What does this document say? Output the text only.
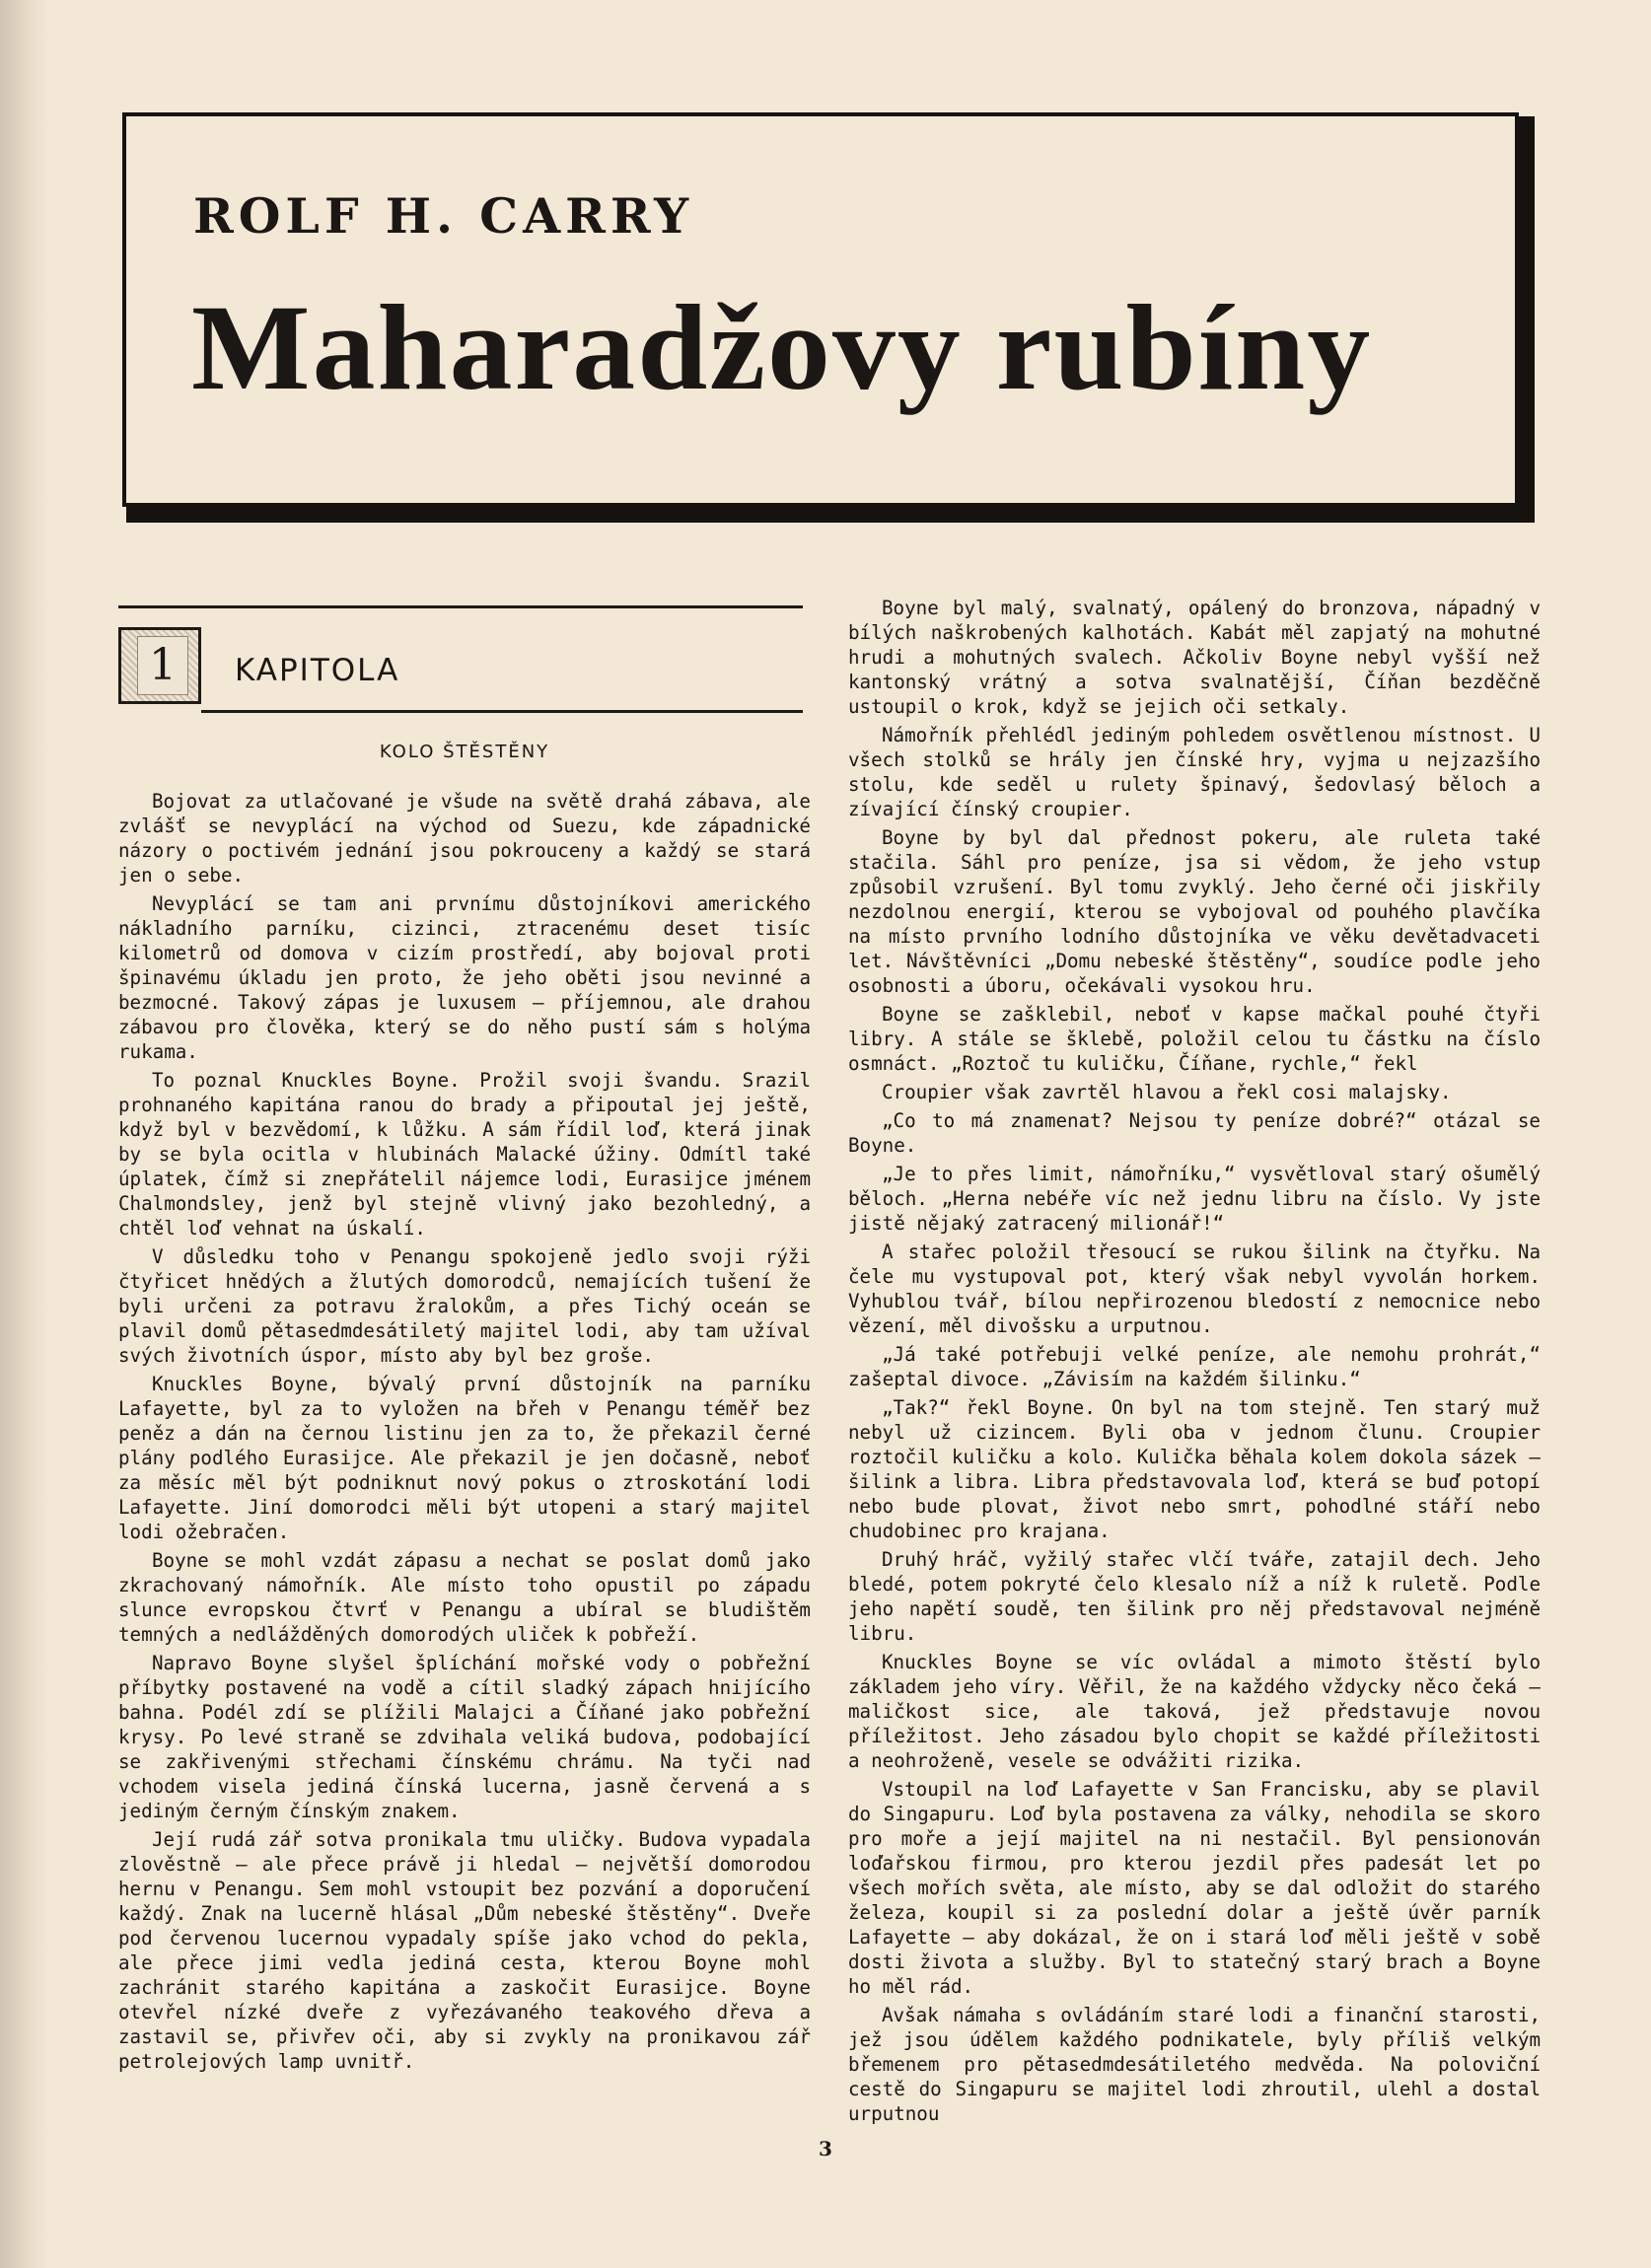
ROLF H. CARRY
Maharadžovy rubíny
1	KAPITOLA
KOLO ŠTĚSTĚNY

Bojovat za utlačované je všude na světě drahá zábava, ale zvlášť se nevyplácí na východ od Suezu, kde západnické názory o poctivém jednání jsou pokrouceny a každý se stará jen o sebe.

Nevyplácí se tam ani prvnímu důstojníkovi amerického nákladního parníku, cizinci, ztracenému deset tisíc kilometrů od domova v cizím prostředí, aby bojoval proti špinavému úkladu jen proto, že jeho oběti jsou nevinné a bezmocné. Takový zápas je luxusem — příjemnou, ale drahou zábavou pro člověka, který se do něho pustí sám s holýma rukama.

To poznal Knuckles Boyne. Prožil svoji švandu. Srazil prohnaného kapitána ranou do brady a připoutal jej ještě, když byl v bezvědomí, k lůžku. A sám řídil loď, která jinak by se byla ocitla v hlubinách Malacké úžiny. Odmítl také úplatek, čímž si znepřátelil nájemce lodi, Eurasijce jménem Chalmondsley, jenž byl stejně vlivný jako bezohledný, a chtěl loď vehnat na úskalí.

V důsledku toho v Penangu spokojeně jedlo svoji rýži čtyřicet hnědých a žlutých domorodců, nemajících tušení že byli určeni za potravu žralokům, a přes Tichý oceán se plavil domů pětasedmdesátiletý majitel lodi, aby tam užíval svých životních úspor, místo aby byl bez groše.

Knuckles Boyne, bývalý první důstojník na parníku Lafayette, byl za to vyložen na břeh v Penangu téměř bez peněz a dán na černou listinu jen za to, že překazil černé plány podlého Eurasijce. Ale překazil je jen dočasně, neboť za měsíc měl být podniknut nový pokus o ztroskotání lodi Lafayette. Jiní domorodci měli být utopeni a starý majitel lodi ožebračen.

Boyne se mohl vzdát zápasu a nechat se poslat domů jako zkrachovaný námořník. Ale místo toho opustil po západu slunce evropskou čtvrť v Penangu a ubíral se bludištěm temných a nedlážděných domorodých uliček k pobřeží.

Napravo Boyne slyšel šplíchání mořské vody o pobřežní příbytky postavené na vodě a cítil sladký zápach hnijícího bahna. Podél zdí se plížili Malajci a Číňané jako pobřežní krysy. Po levé straně se zdvihala veliká budova, podobající se zakřivenými střechami čínskému chrámu. Na tyči nad vchodem visela jediná čínská lucerna, jasně červená a s jediným černým čínským znakem.

Její rudá zář sotva pronikala tmu uličky. Budova vypadala zlověstně — ale přece právě ji hledal — největší domorodou hernu v Penangu. Sem mohl vstoupit bez pozvání a doporučení každý. Znak na lucerně hlásal „Dům nebeské štěstěny“. Dveře pod červenou lucernou vypadaly spíše jako vchod do pekla, ale přece jimi vedla jediná cesta, kterou Boyne mohl zachránit starého kapitána a zaskočit Eurasijce. Boyne otevřel nízké dveře z vyřezávaného teakového dřeva a zastavil se, přivřev oči, aby si zvykly na pronikavou zář petrolejových lamp uvnitř.

Boyne byl malý, svalnatý, opálený do bronzova, nápadný v bílých naškrobených kalhotách. Kabát měl zapjatý na mohutné hrudi a mohutných svalech. Ačkoliv Boyne nebyl vyšší než kantonský vrátný a sotva svalnatější, Číňan bezděčně ustoupil o krok, když se jejich oči setkaly.

Námořník přehlédl jediným pohledem osvětlenou místnost. U všech stolků se hrály jen čínské hry, vyjma u nejzazšího stolu, kde seděl u rulety špinavý, šedovlasý běloch a zívající čínský croupier.

Boyne by byl dal přednost pokeru, ale ruleta také stačila. Sáhl pro peníze, jsa si vědom, že jeho vstup způsobil vzrušení. Byl tomu zvyklý. Jeho černé oči jiskřily nezdolnou energií, kterou se vybojoval od pouhého plavčíka na místo prvního lodního důstojníka ve věku devětadvaceti let. Návštěvníci „Domu nebeské štěstěny“, soudíce podle jeho osobnosti a úboru, očekávali vysokou hru.

Boyne se zašklebil, neboť v kapse mačkal pouhé čtyři libry. A stále se šklebě, položil celou tu částku na číslo osmnáct. „Roztoč tu kuličku, Číňane, rychle,“ řekl

Croupier však zavrtěl hlavou a řekl cosi malajsky.

„Co to má znamenat? Nejsou ty peníze dobré?“ otázal se Boyne.

„Je to přes limit, námořníku,“ vysvětloval starý ošumělý běloch. „Herna nebéře víc než jednu libru na číslo. Vy jste jistě nějaký zatracený milionář!“

A stařec položil třesoucí se rukou šilink na čtyřku. Na čele mu vystupoval pot, který však nebyl vyvolán horkem. Vyhublou tvář, bílou nepřirozenou bledostí z nemocnice nebo vězení, měl divošsku a urputnou.

„Já také potřebuji velké peníze, ale nemohu prohrát,“ zašeptal divoce. „Závisím na každém šilinku.“

„Tak?“ řekl Boyne. On byl na tom stejně. Ten starý muž nebyl už cizincem. Byli oba v jednom člunu. Croupier roztočil kuličku a kolo. Kulička běhala kolem dokola sázek — šilink a libra. Libra představovala loď, která se buď potopí nebo bude plovat, život nebo smrt, pohodlné stáří nebo chudobinec pro krajana.

Druhý hráč, vyžilý stařec vlčí tváře, zatajil dech. Jeho bledé, potem pokryté čelo klesalo níž a níž k ruletě. Podle jeho napětí soudě, ten šilink pro něj představoval nejméně libru.

Knuckles Boyne se víc ovládal a mimoto štěstí bylo základem jeho víry. Věřil, že na každého vždycky něco čeká — maličkost sice, ale taková, jež představuje novou příležitost. Jeho zásadou bylo chopit se každé příležitosti a neohroženě, vesele se odvážiti rizika.

Vstoupil na loď Lafayette v San Francisku, aby se plavil do Singapuru. Loď byla postavena za války, nehodila se skoro pro moře a její majitel na ni nestačil. Byl pensionován loďařskou firmou, pro kterou jezdil přes padesát let po všech mořích světa, ale místo, aby se dal odložit do starého železa, koupil si za poslední dolar a ještě úvěr parník Lafayette — aby dokázal, že on i stará loď měli ještě v sobě dosti života a služby. Byl to statečný starý brach a Boyne ho měl rád.

Avšak námaha s ovládáním staré lodi a finanční starosti, jež jsou údělem každého podnikatele, byly příliš velkým břemenem pro pětasedmdesátiletého medvěda. Na poloviční cestě do Singapuru se majitel lodi zhroutil, ulehl a dostal urputnou

3
